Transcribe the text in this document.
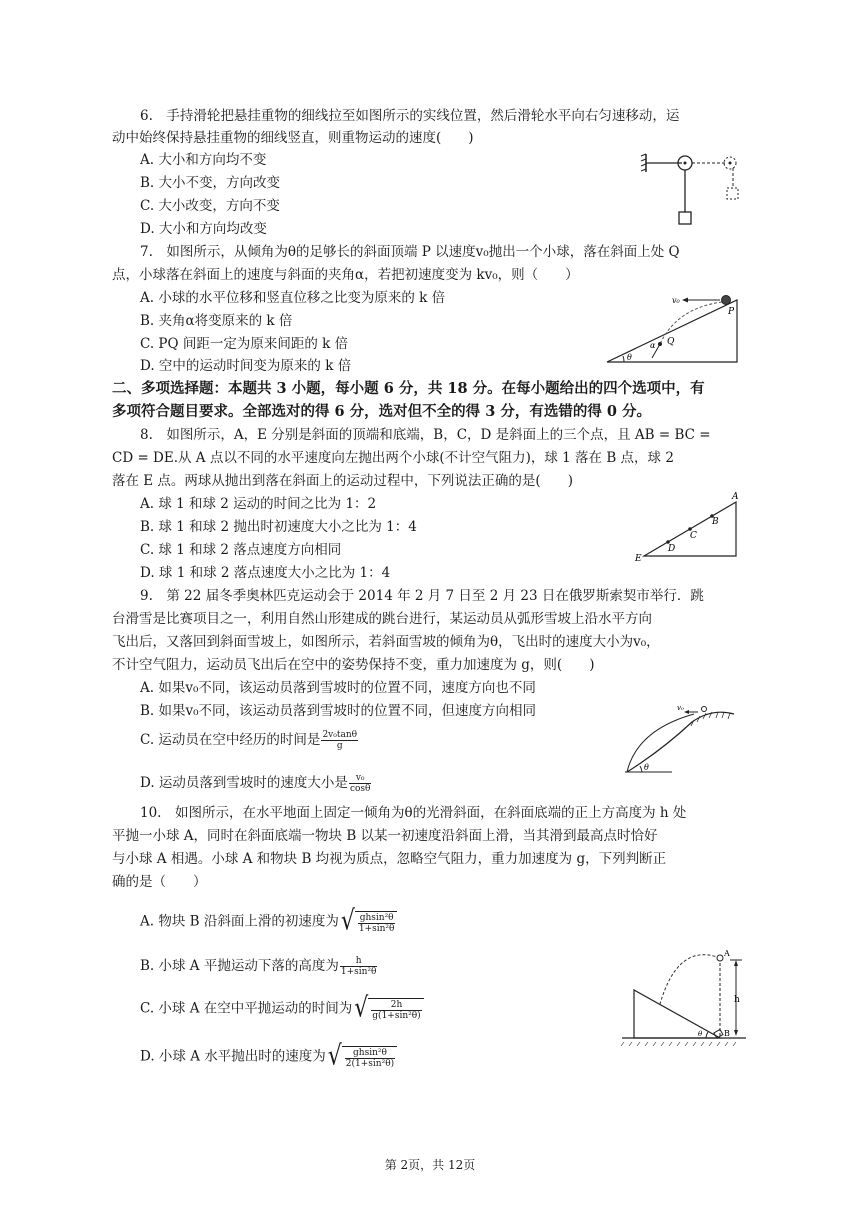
6.　手持滑轮把悬挂重物的细线拉至如图所示的实线位置，然后滑轮水平向右匀速移动，运
动中始终保持悬挂重物的细线竖直，则重物运动的速度(　　)
A. 大小和方向均不变
B. 大小不变，方向改变
C. 大小改变，方向不变
D. 大小和方向均改变
7.　如图所示，从倾角为θ的足够长的斜面顶端 P 以速度v₀抛出一个小球，落在斜面上处 Q
点，小球落在斜面上的速度与斜面的夹角α，若把初速度变为 kv₀，则（　　）
A. 小球的水平位移和竖直位移之比变为原来的 k 倍
B. 夹角α将变原来的 k 倍
C. PQ 间距一定为原来间距的 k 倍
D. 空中的运动时间变为原来的 k 倍
v₀
P
Q
α
θ
二、多项选择题：本题共 3 小题，每小题 6 分，共 18 分。在每小题给出的四个选项中，有
多项符合题目要求。全部选对的得 6 分，选对但不全的得 3 分，有选错的得 0 分。
8.　如图所示，A，E 分别是斜面的顶端和底端，B，C，D 是斜面上的三个点，且 AB = BC =
CD = DE.从 A 点以不同的水平速度向左抛出两个小球(不计空气阻力)，球 1 落在 B 点，球 2
落在 E 点。两球从抛出到落在斜面上的运动过程中，下列说法正确的是(　　)
A. 球 1 和球 2 运动的时间之比为 1：2
B. 球 1 和球 2 抛出时初速度大小之比为 1：4
C. 球 1 和球 2 落点速度方向相同
D. 球 1 和球 2 落点速度大小之比为 1：4
A
B
C
D
E
9.　第 22 届冬季奥林匹克运动会于 2014 年 2 月 7 日至 2 月 23 日在俄罗斯索契市举行．跳
台滑雪是比赛项目之一，利用自然山形建成的跳台进行，某运动员从弧形雪坡上沿水平方向
飞出后，又落回到斜面雪坡上，如图所示，若斜面雪坡的倾角为θ，飞出时的速度大小为v₀，
不计空气阻力，运动员飞出后在空中的姿势保持不变，重力加速度为 g，则(　　)
A. 如果v₀不同，该运动员落到雪坡时的位置不同，速度方向也不同
B. 如果v₀不同，该运动员落到雪坡时的位置不同，但速度方向相同
C. 运动员在空中经历的时间是 $\frac{\text{2v₀tanθ}}{g}$
D. 运动员落到雪坡时的速度大小是 $\frac{\text{v₀}}{\cos\theta}$
v₀
θ
10.　如图所示，在水平地面上固定一倾角为θ的光滑斜面，在斜面底端的正上方高度为 h 处
平抛一小球 A，同时在斜面底端一物块 B 以某一初速度沿斜面上滑，当其滑到最高点时恰好
与小球 A 相遇。小球 A 和物块 B 均视为质点，忽略空气阻力，重力加速度为 g，下列判断正
确的是（　　）
A. 物块 B 沿斜面上滑的初速度为 √ $\frac{\text{ghsin²θ}}{\text{1+sin²θ}}$
B. 小球 A 平抛运动下落的高度为 $\frac{h}{\text{1+sin²θ}}$
C. 小球 A 在空中平抛运动的时间为 √ $\frac{2h}{\text{g(1+sin²θ)}}$
D. 小球 A 水平抛出时的速度为 √ $\frac{\text{ghsin²θ}}{\text{2(1+sin²θ)}}$
A
h
B
θ
第 2页，共 12页
